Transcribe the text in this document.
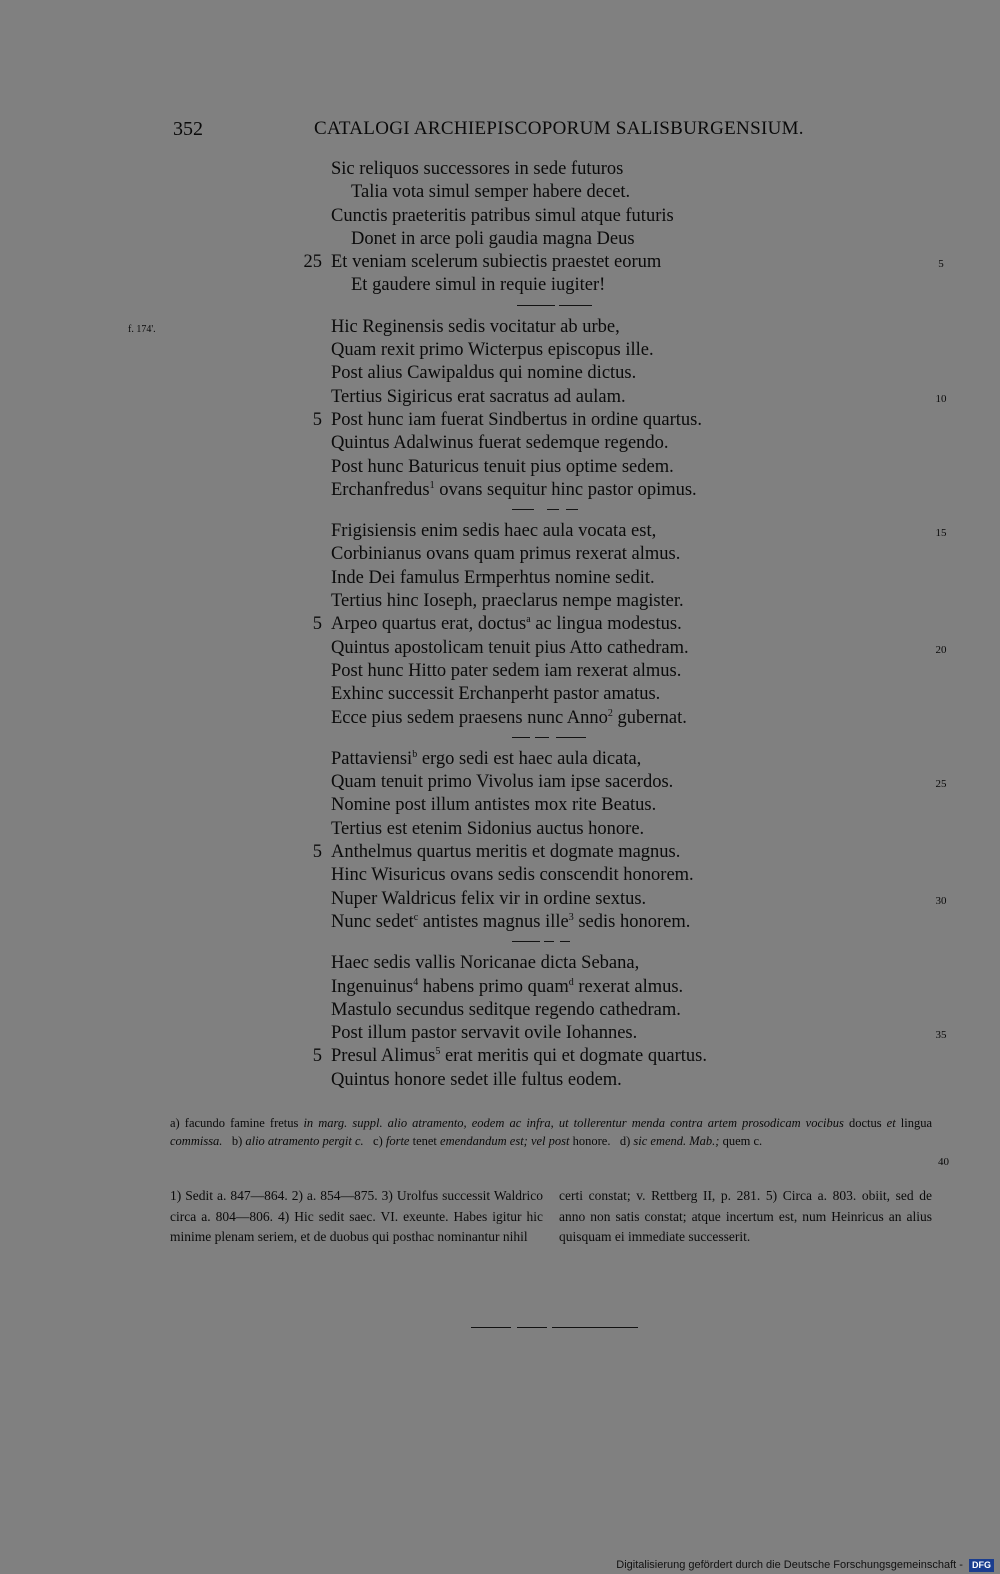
352	CATALOGI ARCHIEPISCOPORUM SALISBURGENSIUM.
Sic reliquos successores in sede futuros
Talia vota simul semper habere decet.
Cunctis praeteritis patribus simul atque futuris
Donet in arce poli gaudia magna Deus
Et veniam scelerum subiectis praestet eorum
25	5
Et gaudere simul in requie iugiter!
Hic Reginensis sedis vocitatur ab urbe,
f. 174'.
Quam rexit primo Wicterpus episcopus ille.
Post alius Cawipaldus qui nomine dictus.
Tertius Sigiricus erat sacratus ad aulam.	10
Post hunc iam fuerat Sindbertus in ordine quartus.
5
Quintus Adalwinus fuerat sedemque regendo.
Post hunc Baturicus tenuit pius optime sedem.
Erchanfredus$^1$ ovans sequitur hinc pastor opimus.
Frigisiensis enim sedis haec aula vocata est,	15
Corbinianus ovans quam primus rexerat almus.
Inde Dei famulus Ermperhtus nomine sedit.
Tertius hinc Ioseph, praeclarus nempe magister.
Arpeo quartus erat, doctus$^a$ ac lingua modestus.
5
Quintus apostolicam tenuit pius Atto cathedram.	20
Post hunc Hitto pater sedem iam rexerat almus.
Exhinc successit Erchanperht pastor amatus.
Ecce pius sedem praesens nunc Anno$^2$ gubernat.
Pattaviensi$^b$ ergo sedi est haec aula dicata,
Quam tenuit primo Vivolus iam ipse sacerdos.	25
Nomine post illum antistes mox rite Beatus.
Tertius est etenim Sidonius auctus honore.
Anthelmus quartus meritis et dogmate magnus.
5
Hinc Wisuricus ovans sedis conscendit honorem.
Nuper Waldricus felix vir in ordine sextus.	30
Nunc sedet$^c$ antistes magnus ille$^3$ sedis honorem.
Haec sedis vallis Noricanae dicta Sebana,
Ingenuinus$^4$ habens primo quam$^d$ rexerat almus.
Mastulo secundus seditque regendo cathedram.
Post illum pastor servavit ovile Iohannes.	35
Presul Alimus$^5$ erat meritis qui et dogmate quartus.
5
Quintus honore sedet ille fultus eodem.
a) facundo famine fretus in marg. suppl. alio atramento, eodem ac infra, ut tollerentur menda contra artem prosodicam vocibus doctus et lingua commissa. b) alio atramento pergit c. c) forte tenet emendandum est; vel post honore. d) sic emend. Mab.; quem c.
40
1) Sedit a. 847—864. 2) a. 854—875. 3) Urolfus successit Waldrico circa a. 804—806. 4) Hic sedit saec. VI. exeunte. Habes igitur hic minime plenam seriem, et de duobus qui posthac nominantur nihil
certi constat; v. Rettberg II, p. 281. 5) Circa a. 803. obiit, sed de anno non satis constat; atque incertum est, num Heinricus an alius quisquam ei immediate successerit.
Digitalisierung gefördert durch die Deutsche Forschungsgemeinschaft - DFG
